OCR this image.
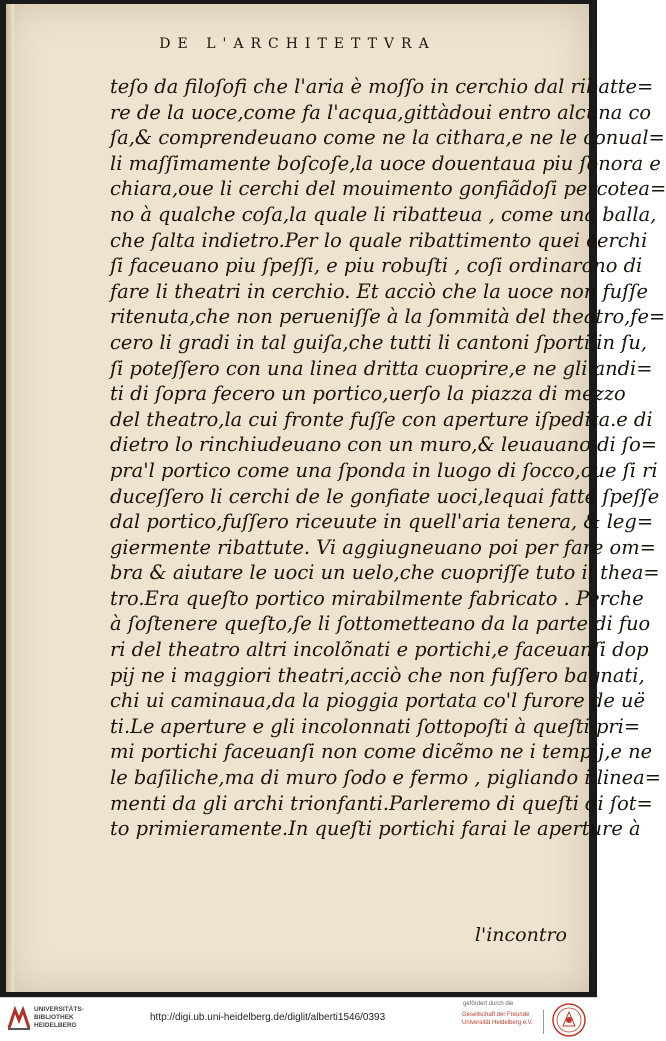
DE L'ARCHITETTVRA
teſo da filoſofi che l'aria è moſſo in cerchio dal ribatte=
re de la uoce,come fa l'acqua,gittàdoui entro alcuna co
ſa,& comprendeuano come ne la cithara,e ne le conual=
li maſſimamente boſcoſe,la uoce douentaua piu ſonora e
chiara,oue li cerchi del mouimento gonfiãdoſi percotea=
no à qualche coſa,la quale li ribatteua , come una balla,
che ſalta indietro.Per lo quale ribattimento quei cerchi
ſi faceuano piu ſpeſſi, e piu robuſti , coſi ordinarono di
fare li theatri in cerchio. Et acciò che la uoce non fuſſe
ritenuta,che non perueniſſe à la ſommità del theatro,fe=
cero li gradi in tal guiſa,che tutti li cantoni ſporti in ſu,
ſi poteſſero con una linea dritta cuoprire,e ne gli andi=
ti di ſopra fecero un portico,uerſo la piazza di mezzo
del theatro,la cui fronte fuſſe con aperture iſpedita.e di
dietro lo rinchiudeuano con un muro,& leuauano di ſo=
pra'l portico come una ſponda in luogo di ſocco,oue ſi ri
duceſſero li cerchi de le gonfiate uoci,lequai fatte ſpeſſe
dal portico,fuſſero riceuute in quell'aria tenera, & leg=
giermente ribattute. Vi aggiugneuano poi per fare om=
bra & aiutare le uoci un uelo,che cuopriſſe tuto il thea=
tro.Era queſto portico mirabilmente fabricato . Perche
à ſoſtenere queſto,ſe li ſottometteano da la parte di fuo
ri del theatro altri incolõnati e portichi,e faceuanſi dop
pij ne i maggiori theatri,acciò che non fuſſero bagnati,
chi ui caminaua,da la pioggia portata co'l furore de uë
ti.Le aperture e gli incolonnati ſottopoſti à queſti pri=
mi portichi faceuanſi non come dicẽmo ne i tempij,e ne
le baſiliche,ma di muro ſodo e fermo , pigliando i linea=
menti da gli archi trionfanti.Parleremo di queſti di ſot=
to primieramente.In queſti portichi farai le aperture à
l'incontro
UNIVERSITÄTS-
BIBLIOTHEK
HEIDELBERG
http://digi.ub.uni-heidelberg.de/diglit/alberti1546/0393
gefördert durch die
Gesellschaft der Freunde
Universität Heidelberg e.V.
